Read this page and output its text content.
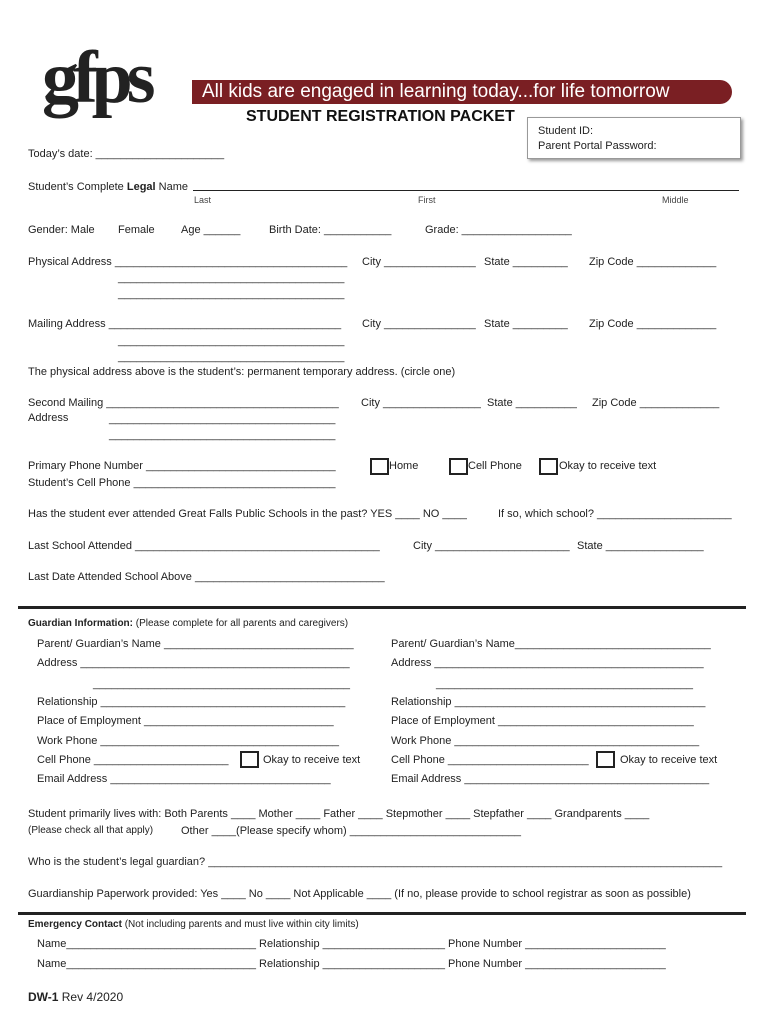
gfps	All kids are engaged in learning today...for life tomorrow
STUDENT REGISTRATION PACKET
Student ID:
Parent Portal Password:
Today’s date: _____________________
Student’s Complete Legal Name
Last	First	Middle
Gender: Male Female Age ______	Birth Date: ___________	Grade: __________________
Physical Address ______________________________________ City _______________ State _________ Zip Code _____________
_____________________________________
_____________________________________
Mailing Address ______________________________________ City _______________ State _________ Zip Code _____________
_____________________________________
_____________________________________
The physical address above is the student’s: permanent temporary address. (circle one)
Second Mailing ______________________________________
Address
City ________________ State __________ Zip Code _____________
_____________________________________
_____________________________________
Primary Phone Number _______________________________	Home	Cell Phone	Okay to receive text
Student’s Cell Phone _________________________________
Has the student ever attended Great Falls Public Schools in the past? YES ____ NO ____	If so, which school? ______________________
Last School Attended ________________________________________	City ______________________ State ________________
Last Date Attended School Above _______________________________
Guardian Information: (Please complete for all parents and caregivers)
Parent/ Guardian’s Name _______________________________
Address ____________________________________________
__________________________________________
Relationship ________________________________________
Place of Employment _______________________________
Work Phone _______________________________________
Cell Phone ______________________	Okay to receive text
Email Address ____________________________________
Parent/ Guardian’s Name________________________________
Address ____________________________________________
__________________________________________
Relationship _________________________________________
Place of Employment ________________________________
Work Phone ________________________________________
Cell Phone _______________________	Okay to receive text
Email Address ________________________________________
Student primarily lives with: Both Parents ____ Mother ____ Father ____ Stepmother ____ Stepfather ____ Grandparents ____
(Please check all that apply)	Other ____(Please specify whom) ____________________________
Who is the student’s legal guardian? ____________________________________________________________________________________
Guardianship Paperwork provided: Yes ____ No ____ Not Applicable ____ (If no, please provide to school registrar as soon as possible)
Emergency Contact (Not including parents and must live within city limits)
Name_______________________________ Relationship ____________________ Phone Number _______________________
Name_______________________________ Relationship ____________________ Phone Number _______________________
DW-1 Rev 4/2020
